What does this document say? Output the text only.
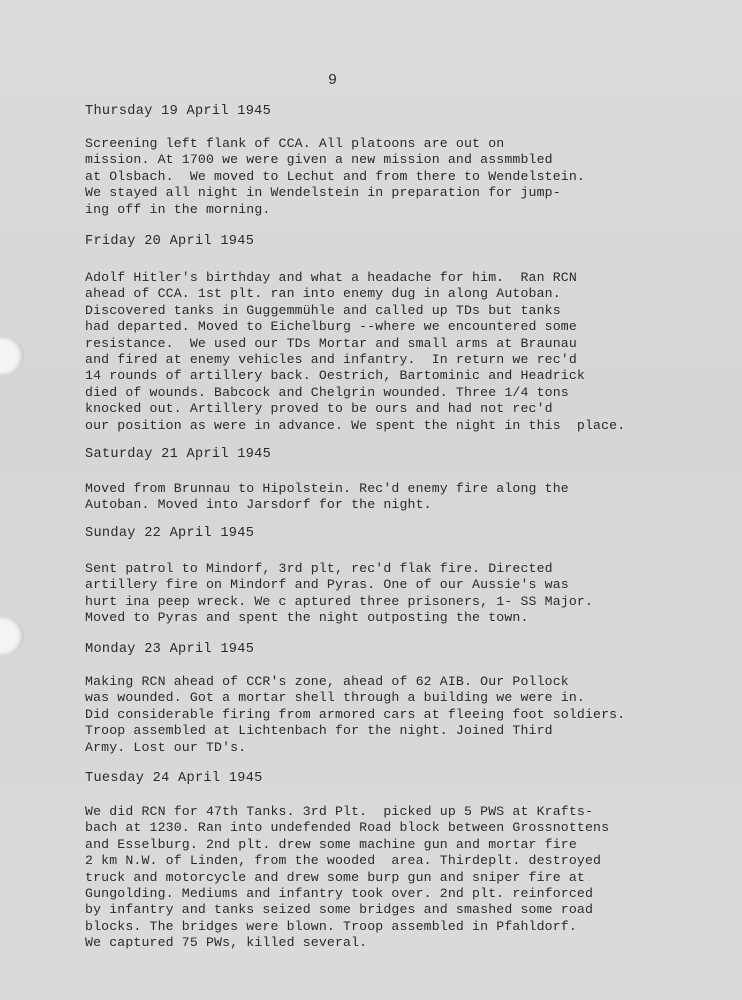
9
Thursday 19 April 1945
Screening left flank of CCA. All platoons are out on
mission. At 1700 we were given a new mission and assmmbled
at Olsbach.  We moved to Lechut and from there to Wendelstein.
We stayed all night in Wendelstein in preparation for jump-
ing off in the morning.
Friday 20 April 1945
Adolf Hitler's birthday and what a headache for him.  Ran RCN
ahead of CCA. 1st plt. ran into enemy dug in along Autoban.
Discovered tanks in Guggemmühle and called up TDs but tanks
had departed. Moved to Eichelburg --where we encountered some
resistance.  We used our TDs Mortar and small arms at Braunau
and fired at enemy vehicles and infantry.  In return we rec'd
14 rounds of artillery back. Oestrich, Bartominic and Headrick
died of wounds. Babcock and Chelgrin wounded. Three 1/4 tons
knocked out. Artillery proved to be ours and had not rec'd
our position as were in advance. We spent the night in this  place.
Saturday 21 April 1945
Moved from Brunnau to Hipolstein. Rec'd enemy fire along the
Autoban. Moved into Jarsdorf for the night.
Sunday 22 April 1945
Sent patrol to Mindorf, 3rd plt, rec'd flak fire. Directed
artillery fire on Mindorf and Pyras. One of our Aussie's was
hurt ina peep wreck. We c aptured three prisoners, 1- SS Major.
Moved to Pyras and spent the night outposting the town.
Monday 23 April 1945
Making RCN ahead of CCR's zone, ahead of 62 AIB. Our Pollock
was wounded. Got a mortar shell through a building we were in.
Did considerable firing from armored cars at fleeing foot soldiers.
Troop assembled at Lichtenbach for the night. Joined Third
Army. Lost our TD's.
Tuesday 24 April 1945
We did RCN for 47th Tanks. 3rd Plt.  picked up 5 PWS at Krafts-
bach at 1230. Ran into undefended Road block between Grossnottens
and Esselburg. 2nd plt. drew some machine gun and mortar fire
2 km N.W. of Linden, from the wooded  area. Thirdeplt. destroyed
truck and motorcycle and drew some burp gun and sniper fire at
Gungolding. Mediums and infantry took over. 2nd plt. reinforced
by infantry and tanks seized some bridges and smashed some road
blocks. The bridges were blown. Troop assembled in Pfahldorf.
We captured 75 PWs, killed several.
